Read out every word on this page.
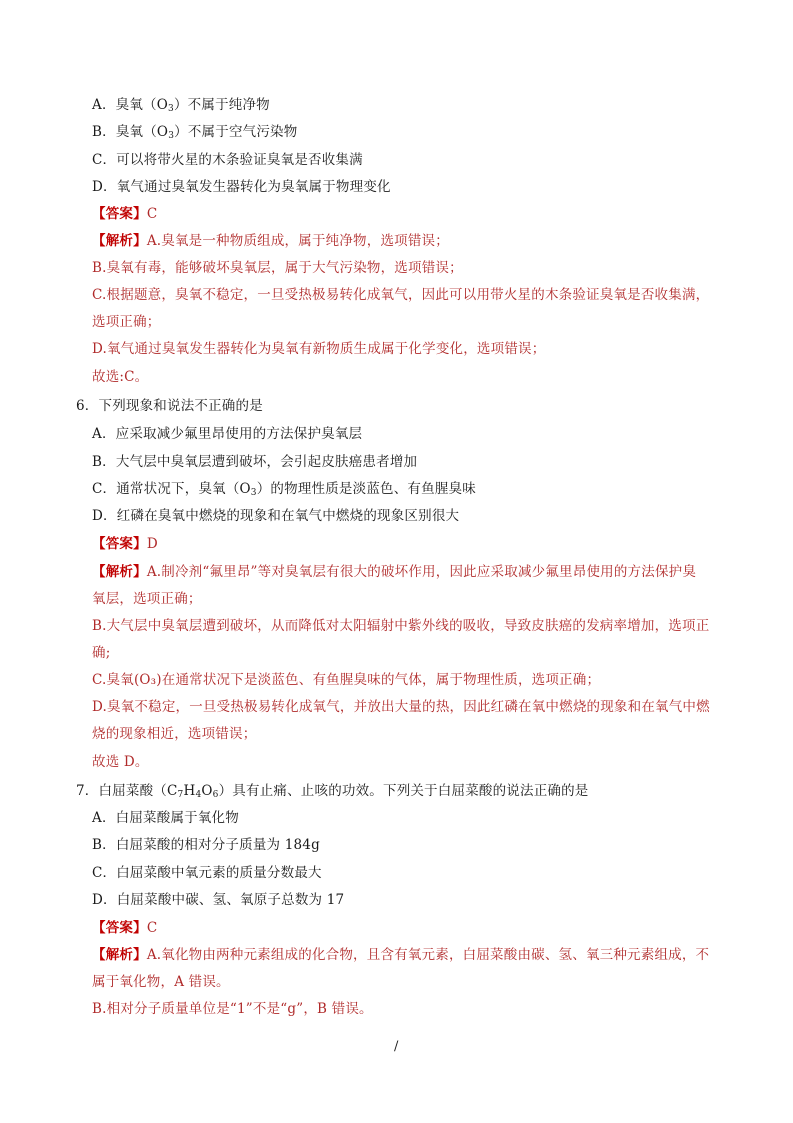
A．臭氧$(O_3)$不属于纯净物
B．臭氧$(O_3)$不属于空气污染物
C．可以将带火星的木条验证臭氧是否收集满
D．氧气通过臭氧发生器转化为臭氧属于物理变化
【答案】C
【解析】A.臭氧是一种物质组成，属于纯净物，选项错误；
B.臭氧有毒，能够破坏臭氧层，属于大气污染物，选项错误；
C.根据题意，臭氧不稳定，一旦受热极易转化成氧气，因此可以用带火星的木条验证臭氧是否收集满，
选项正确；
D.氧气通过臭氧发生器转化为臭氧有新物质生成属于化学变化，选项错误；
故选:C。
6．下列现象和说法不正确的是
A．应采取减少氟里昂使用的方法保护臭氧层
B．大气层中臭氧层遭到破坏，会引起皮肤癌患者增加
C．通常状况下，臭氧$(O_3)$的物理性质是淡蓝色、有鱼腥臭味
D．红磷在臭氧中燃烧的现象和在氧气中燃烧的现象区别很大
【答案】D
【解析】A.制冷剂“氟里昂”等对臭氧层有很大的破坏作用，因此应采取减少氟里昂使用的方法保护臭
氧层，选项正确；
B.大气层中臭氧层遭到破坏，从而降低对太阳辐射中紫外线的吸收，导致皮肤癌的发病率增加，选项正
确;
C.臭氧(O₃)在通常状况下是淡蓝色、有鱼腥臭味的气体，属于物理性质，选项正确；
D.臭氧不稳定，一旦受热极易转化成氧气，并放出大量的热，因此红磷在氧中燃烧的现象和在氧气中燃
烧的现象相近，选项错误；
故选 D。
7．白屈菜酸$(C_7H_4O_6)$具有止痛、止咳的功效。下列关于白屈菜酸的说法正确的是
A．白屈菜酸属于氧化物
B．白屈菜酸的相对分子质量为 184g
C．白屈菜酸中氧元素的质量分数最大
D．白屈菜酸中碳、氢、氧原子总数为 17
【答案】C
【解析】A.氧化物由两种元素组成的化合物，且含有氧元素，白屈菜酸由碳、氢、氧三种元素组成，不
属于氧化物，A 错误。
B.相对分子质量单位是“1”不是“g”，B 错误。
/
